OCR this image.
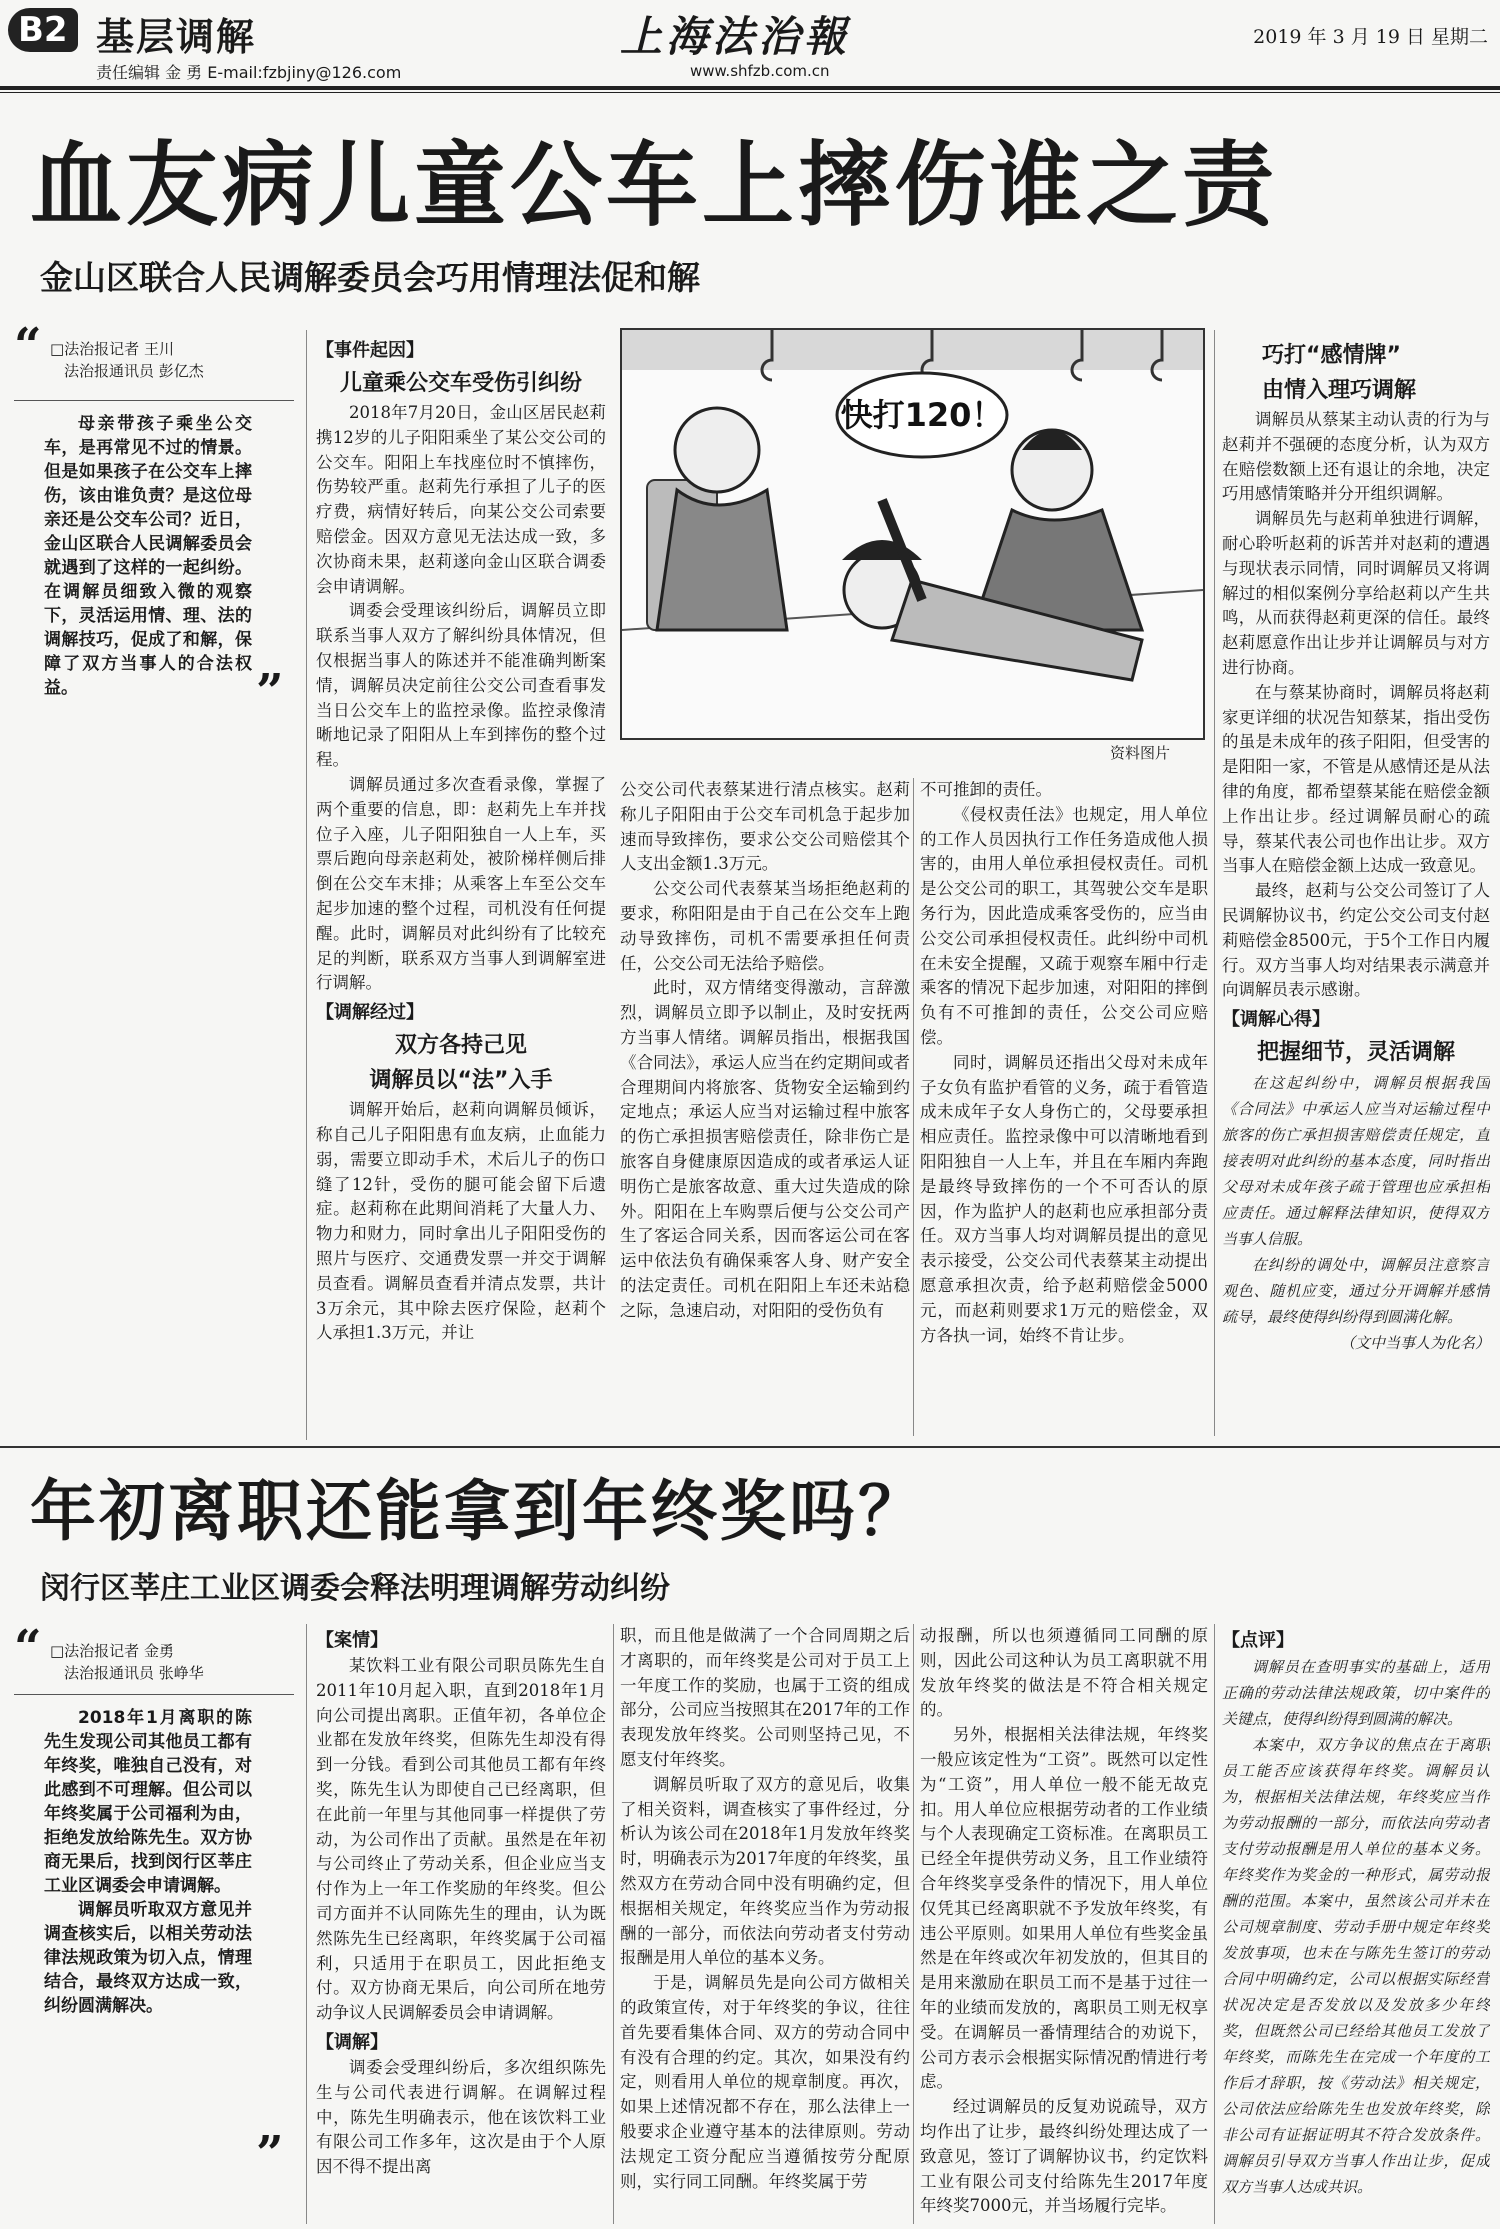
B2 基层调解
责任编辑 金 勇 E-mail:fzbjiny@126.com
上海法治報
www.shfzb.com.cn
2019 年 3 月 19 日 星期二
血友病儿童公车上摔伤谁之责
金山区联合人民调解委员会巧用情理法促和解
“ □法治报记者 王川
法治报通讯员 彭亿杰
母亲带孩子乘坐公交车，是再常见不过的情景。但是如果孩子在公交车上摔伤，该由谁负责？是这位母亲还是公交车公司？近日，金山区联合人民调解委员会就遇到了这样的一起纠纷。在调解员细致入微的观察下，灵活运用情、理、法的调解技巧，促成了和解，保障了双方当事人的合法权益。	”
【事件起因】
儿童乘公交车受伤引纠纷

2018年7月20日，金山区居民赵莉携12岁的儿子阳阳乘坐了某公交公司的公交车。阳阳上车找座位时不慎摔伤，伤势较严重。赵莉先行承担了儿子的医疗费，病情好转后，向某公交公司索要赔偿金。因双方意见无法达成一致，多次协商未果，赵莉遂向金山区联合调委会申请调解。

调委会受理该纠纷后，调解员立即联系当事人双方了解纠纷具体情况，但仅根据当事人的陈述并不能准确判断案情，调解员决定前往公交公司查看事发当日公交车上的监控录像。监控录像清晰地记录了阳阳从上车到摔伤的整个过程。

调解员通过多次查看录像，掌握了两个重要的信息，即：赵莉先上车并找位子入座，儿子阳阳独自一人上车，买票后跑向母亲赵莉处，被阶梯样侧后排倒在公交车末排；从乘客上车至公交车起步加速的整个过程，司机没有任何提醒。此时，调解员对此纠纷有了比较充足的判断，联系双方当事人到调解室进行调解。

【调解经过】
双方各持己见
调解员以“法”入手

调解开始后，赵莉向调解员倾诉，称自己儿子阳阳患有血友病，止血能力弱，需要立即动手术，术后儿子的伤口缝了12针，受伤的腿可能会留下后遗症。赵莉称在此期间消耗了大量人力、物力和财力，同时拿出儿子阳阳受伤的照片与医疗、交通费发票一并交于调解员查看。调解员查看并清点发票，共计3万余元，其中除去医疗保险，赵莉个人承担1.3万元，并让

快打120！
资料图片

公交公司代表蔡某进行清点核实。赵莉称儿子阳阳由于公交车司机急于起步加速而导致摔伤，要求公交公司赔偿其个人支出金额1.3万元。

公交公司代表蔡某当场拒绝赵莉的要求，称阳阳是由于自己在公交车上跑动导致摔伤，司机不需要承担任何责任，公交公司无法给予赔偿。

此时，双方情绪变得激动，言辞激烈，调解员立即予以制止，及时安抚两方当事人情绪。调解员指出，根据我国《合同法》，承运人应当在约定期间或者合理期间内将旅客、货物安全运输到约定地点；承运人应当对运输过程中旅客的伤亡承担损害赔偿责任，除非伤亡是旅客自身健康原因造成的或者承运人证明伤亡是旅客故意、重大过失造成的除外。阳阳在上车购票后便与公交公司产生了客运合同关系，因而客运公司在客运中依法负有确保乘客人身、财产安全的法定责任。司机在阳阳上车还未站稳之际，急速启动，对阳阳的受伤负有

不可推卸的责任。

《侵权责任法》也规定，用人单位的工作人员因执行工作任务造成他人损害的，由用人单位承担侵权责任。司机是公交公司的职工，其驾驶公交车是职务行为，因此造成乘客受伤的，应当由公交公司承担侵权责任。此纠纷中司机在未安全提醒，又疏于观察车厢中行走乘客的情况下起步加速，对阳阳的摔倒负有不可推卸的责任，公交公司应赔偿。

同时，调解员还指出父母对未成年子女负有监护看管的义务，疏于看管造成未成年子女人身伤亡的，父母要承担相应责任。监控录像中可以清晰地看到阳阳独自一人上车，并且在车厢内奔跑是最终导致摔伤的一个不可否认的原因，作为监护人的赵莉也应承担部分责任。双方当事人均对调解员提出的意见表示接受，公交公司代表蔡某主动提出愿意承担次责，给予赵莉赔偿金5000元，而赵莉则要求1万元的赔偿金，双方各执一词，始终不肯让步。

巧打“感情牌”
由情入理巧调解

调解员从蔡某主动认责的行为与赵莉并不强硬的态度分析，认为双方在赔偿数额上还有退让的余地，决定巧用感情策略并分开组织调解。

调解员先与赵莉单独进行调解，耐心聆听赵莉的诉苦并对赵莉的遭遇与现状表示同情，同时调解员又将调解过的相似案例分享给赵莉以产生共鸣，从而获得赵莉更深的信任。最终赵莉愿意作出让步并让调解员与对方进行协商。

在与蔡某协商时，调解员将赵莉家更详细的状况告知蔡某，指出受伤的虽是未成年的孩子阳阳，但受害的是阳阳一家，不管是从感情还是从法律的角度，都希望蔡某能在赔偿金额上作出让步。经过调解员耐心的疏导，蔡某代表公司也作出让步。双方当事人在赔偿金额上达成一致意见。

最终，赵莉与公交公司签订了人民调解协议书，约定公交公司支付赵莉赔偿金8500元，于5个工作日内履行。双方当事人均对结果表示满意并向调解员表示感谢。

【调解心得】
把握细节，灵活调解

在这起纠纷中，调解员根据我国《合同法》中承运人应当对运输过程中旅客的伤亡承担损害赔偿责任规定，直接表明对此纠纷的基本态度，同时指出父母对未成年孩子疏于管理也应承担相应责任。通过解释法律知识，使得双方当事人信服。

在纠纷的调处中，调解员注意察言观色、随机应变，通过分开调解并感情疏导，最终使得纠纷得到圆满化解。

（文中当事人为化名）
年初离职还能拿到年终奖吗？
闵行区莘庄工业区调委会释法明理调解劳动纠纷
“ □法治报记者 金勇
法治报通讯员 张峥华
2018年1月离职的陈先生发现公司其他员工都有年终奖，唯独自己没有，对此感到不可理解。但公司以年终奖属于公司福利为由，拒绝发放给陈先生。双方协商无果后，找到闵行区莘庄工业区调委会申请调解。
调解员听取双方意见并调查核实后，以相关劳动法律法规政策为切入点，情理结合，最终双方达成一致，纠纷圆满解决。
”
【案情】

某饮料工业有限公司职员陈先生自2011年10月起入职，直到2018年1月向公司提出离职。正值年初，各单位企业都在发放年终奖，但陈先生却没有得到一分钱。看到公司其他员工都有年终奖，陈先生认为即使自己已经离职，但在此前一年里与其他同事一样提供了劳动，为公司作出了贡献。虽然是在年初与公司终止了劳动关系，但企业应当支付作为上一年工作奖励的年终奖。但公司方面并不认同陈先生的理由，认为既然陈先生已经离职，年终奖属于公司福利，只适用于在职员工，因此拒绝支付。双方协商无果后，向公司所在地劳动争议人民调解委员会申请调解。

【调解】

调委会受理纠纷后，多次组织陈先生与公司代表进行调解。在调解过程中，陈先生明确表示，他在该饮料工业有限公司工作多年，这次是由于个人原因不得不提出离

职，而且他是做满了一个合同周期之后才离职的，而年终奖是公司对于员工上一年度工作的奖励，也属于工资的组成部分，公司应当按照其在2017年的工作表现发放年终奖。公司则坚持己见，不愿支付年终奖。

调解员听取了双方的意见后，收集了相关资料，调查核实了事件经过，分析认为该公司在2018年1月发放年终奖时，明确表示为2017年度的年终奖，虽然双方在劳动合同中没有明确约定，但根据相关规定，年终奖应当作为劳动报酬的一部分，而依法向劳动者支付劳动报酬是用人单位的基本义务。

于是，调解员先是向公司方做相关的政策宣传，对于年终奖的争议，往往首先要看集体合同、双方的劳动合同中有没有合理的约定。其次，如果没有约定，则看用人单位的规章制度。再次，如果上述情况都不存在，那么法律上一般要求企业遵守基本的法律原则。劳动法规定工资分配应当遵循按劳分配原则，实行同工同酬。年终奖属于劳

动报酬，所以也须遵循同工同酬的原则，因此公司这种认为员工离职就不用发放年终奖的做法是不符合相关规定的。

另外，根据相关法律法规，年终奖一般应该定性为“工资”。既然可以定性为“工资”，用人单位一般不能无故克扣。用人单位应根据劳动者的工作业绩与个人表现确定工资标准。在离职员工已经全年提供劳动义务，且工作业绩符合年终奖享受条件的情况下，用人单位仅凭其已经离职就不予发放年终奖，有违公平原则。如果用人单位有些奖金虽然是在年终或次年初发放的，但其目的是用来激励在职员工而不是基于过往一年的业绩而发放的，离职员工则无权享受。在调解员一番情理结合的劝说下，公司方表示会根据实际情况酌情进行考虑。

经过调解员的反复劝说疏导，双方均作出了让步，最终纠纷处理达成了一致意见，签订了调解协议书，约定饮料工业有限公司支付给陈先生2017年度年终奖7000元，并当场履行完毕。

【点评】

调解员在查明事实的基础上，适用正确的劳动法律法规政策，切中案件的关键点，使得纠纷得到圆满的解决。

本案中，双方争议的焦点在于离职员工能否应该获得年终奖。调解员认为，根据相关法律法规，年终奖应当作为劳动报酬的一部分，而依法向劳动者支付劳动报酬是用人单位的基本义务。年终奖作为奖金的一种形式，属劳动报酬的范围。本案中，虽然该公司并未在公司规章制度、劳动手册中规定年终奖发放事项，也未在与陈先生签订的劳动合同中明确约定，公司以根据实际经营状况决定是否发放以及发放多少年终奖，但既然公司已经给其他员工发放了年终奖，而陈先生在完成一个年度的工作后才辞职，按《劳动法》相关规定，公司依法应给陈先生也发放年终奖，除非公司有证据证明其不符合发放条件。调解员引导双方当事人作出让步，促成双方当事人达成共识。
